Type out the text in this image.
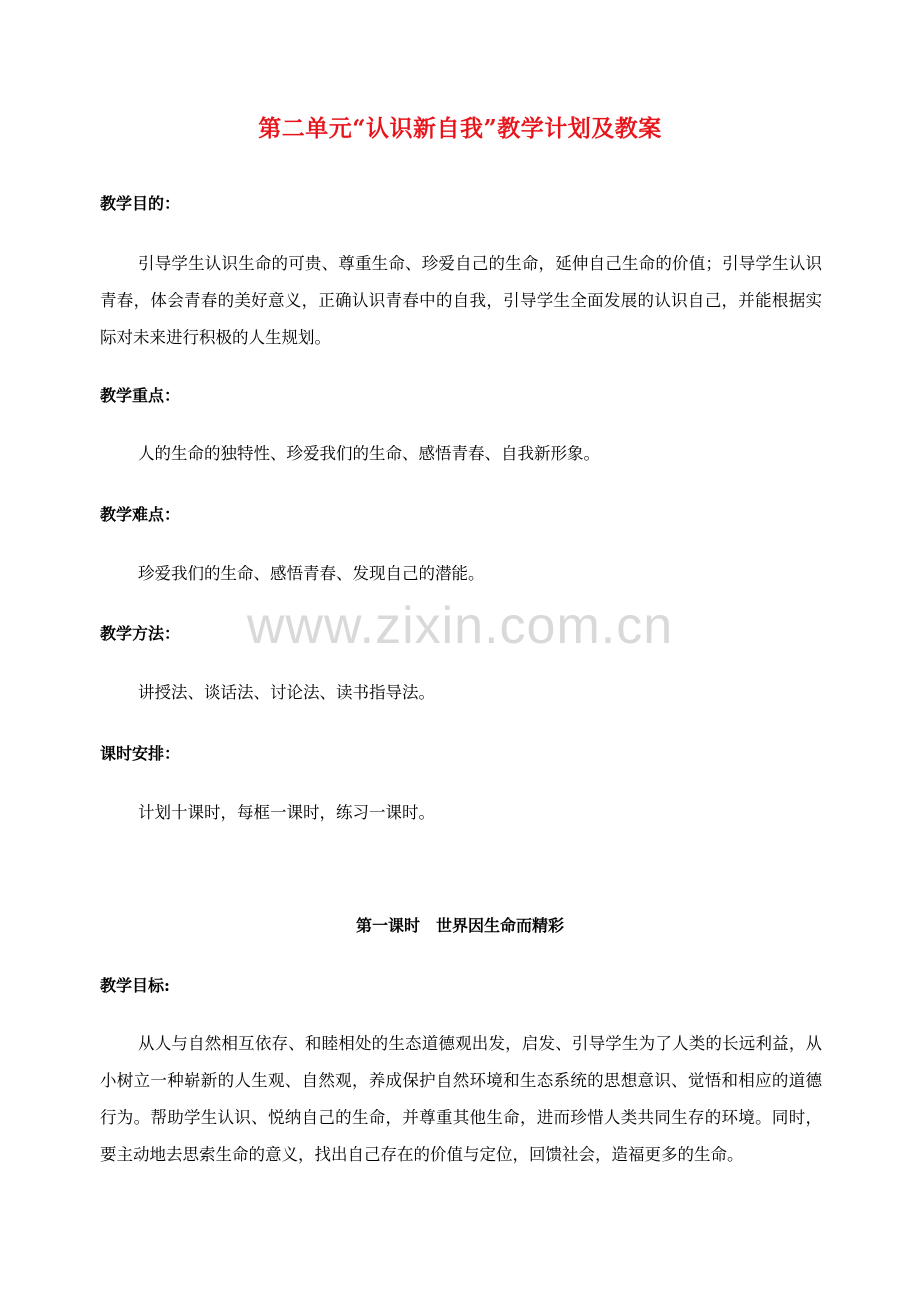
第二单元“认识新自我”教学计划及教案
教学目的：
引导学生认识生命的可贵、尊重生命、珍爱自己的生命，延伸自己生命的价值；引导学生认识青春，体会青春的美好意义，正确认识青春中的自我，引导学生全面发展的认识自己，并能根据实际对未来进行积极的人生规划。
教学重点：
人的生命的独特性、珍爱我们的生命、感悟青春、自我新形象。
教学难点：
珍爱我们的生命、感悟青春、发现自己的潜能。
教学方法：
讲授法、谈话法、讨论法、读书指导法。
课时安排：
计划十课时，每框一课时，练习一课时。
第一课时　世界因生命而精彩
教学目标:
从人与自然相互依存、和睦相处的生态道德观出发，启发、引导学生为了人类的长远利益，从小树立一种崭新的人生观、自然观，养成保护自然环境和生态系统的思想意识、觉悟和相应的道德行为。帮助学生认识、悦纳自己的生命，并尊重其他生命，进而珍惜人类共同生存的环境。同时，要主动地去思索生命的意义，找出自己存在的价值与定位，回馈社会，造福更多的生命。
www.zixin.com.cn
